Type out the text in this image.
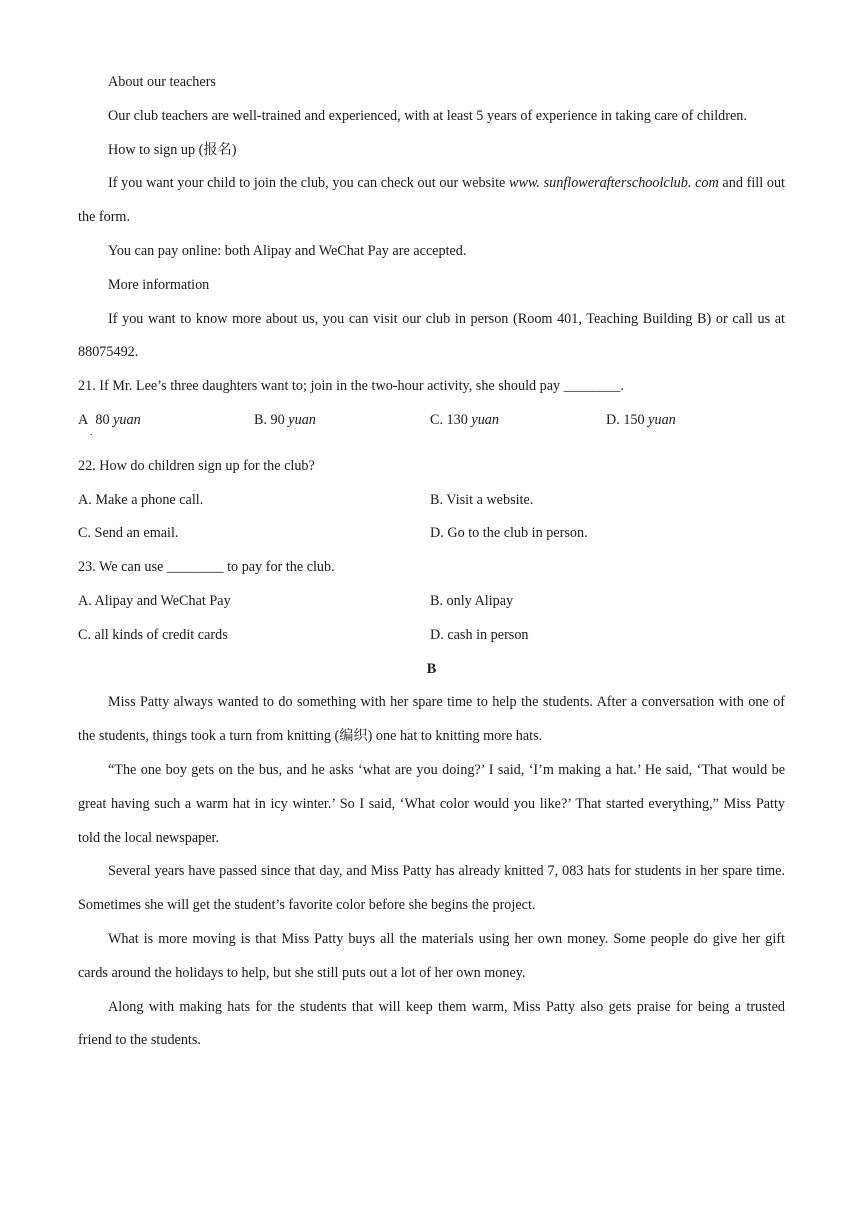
About our teachers

Our club teachers are well-trained and experienced, with at least 5 years of experience in taking care of children.

How to sign up (报名)

If you want your child to join the club, you can check out our website www. sunflowerafterschoolclub. com and fill out the form.

You can pay online: both Alipay and WeChat Pay are accepted.

More information

If you want to know more about us, you can visit our club in person (Room 401, Teaching Building B) or call us at 88075492.

21. If Mr. Lee’s three daughters want to; join in the two-hour activity, she should pay ________.

A 80 yuan
.
B. 90 yuan	C. 130 yuan	D. 150 yuan

22. How do children sign up for the club?

A. Make a phone call.	B. Visit a website.
C. Send an email.	D. Go to the club in person.

23. We can use ________ to pay for the club.

A. Alipay and WeChat Pay	B. only Alipay
C. all kinds of credit cards	D. cash in person

B

Miss Patty always wanted to do something with her spare time to help the students. After a conversation with one of the students, things took a turn from knitting (编织) one hat to knitting more hats.

“The one boy gets on the bus, and he asks ‘what are you doing?’ I said, ‘I’m making a hat.’ He said, ‘That would be great having such a warm hat in icy winter.’ So I said, ‘What color would you like?’ That started everything,” Miss Patty told the local newspaper.

Several years have passed since that day, and Miss Patty has already knitted 7, 083 hats for students in her spare time. Sometimes she will get the student’s favorite color before she begins the project.

What is more moving is that Miss Patty buys all the materials using her own money. Some people do give her gift cards around the holidays to help, but she still puts out a lot of her own money.

Along with making hats for the students that will keep them warm, Miss Patty also gets praise for being a trusted friend to the students.
